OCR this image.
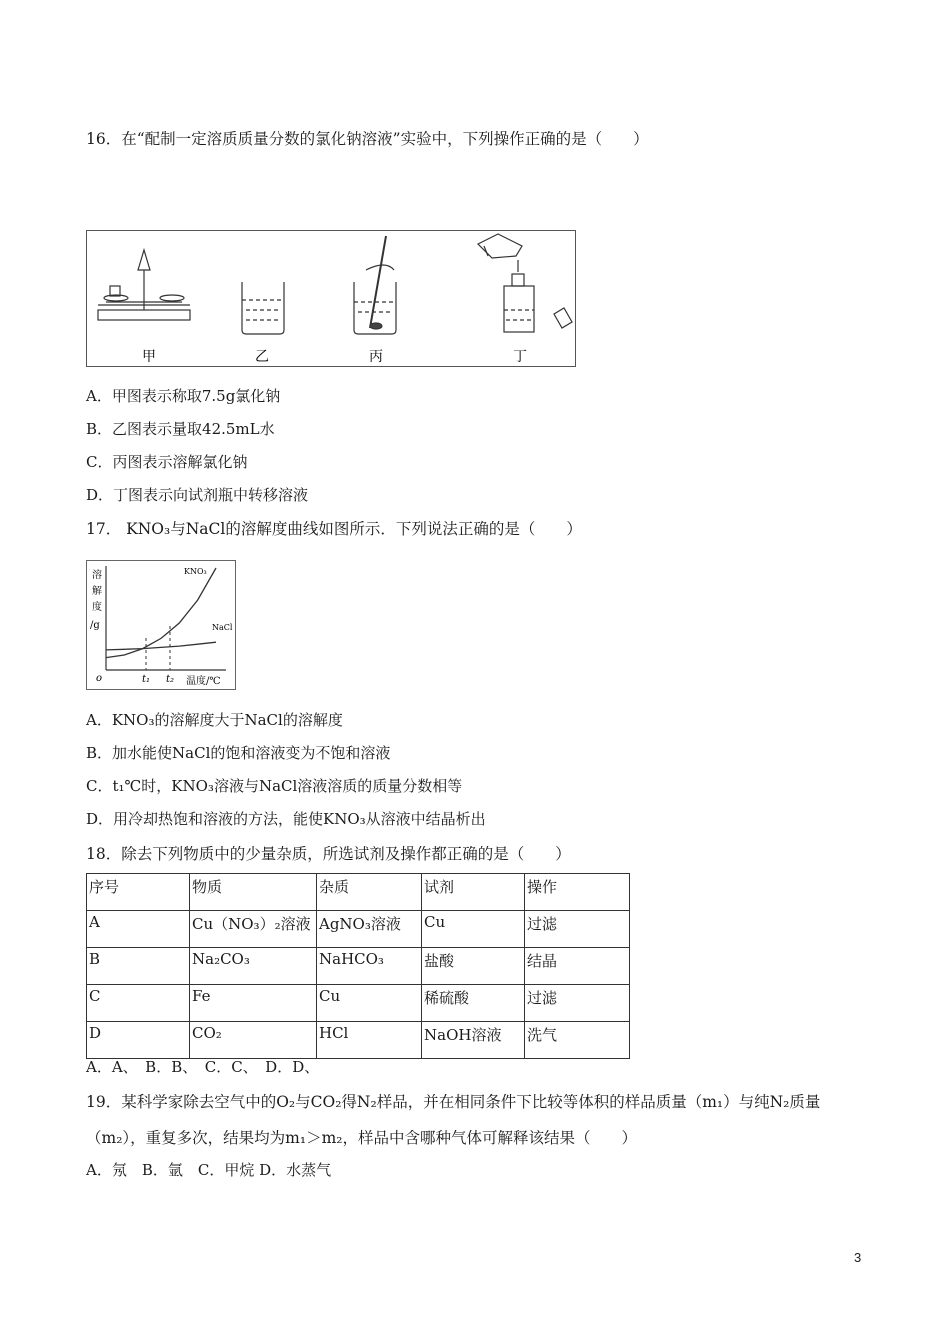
16．在“配制一定溶质质量分数的氯化钠溶液”实验中，下列操作正确的是（　　）
甲	乙	丙	丁
A．甲图表示称取7.5g氯化钠
B．乙图表示量取42.5mL水
C．丙图表示溶解氯化钠
D．丁图表示向试剂瓶中转移溶液
17． KNO₃与NaCl的溶解度曲线如图所示．下列说法正确的是（　　）
溶
解
度
/g
o	t₁ t₂ 温度/℃
KNO₃
NaCl
A．KNO₃的溶解度大于NaCl的溶解度
B．加水能使NaCl的饱和溶液变为不饱和溶液
C．t₁℃时，KNO₃溶液与NaCl溶液溶质的质量分数相等
D．用冷却热饱和溶液的方法，能使KNO₃从溶液中结晶析出
18．除去下列物质中的少量杂质，所选试剂及操作都正确的是（　　）
序号	物质	杂质	试剂	操作
A	Cu（NO₃）₂溶液	AgNO₃溶液	Cu	过滤
B	Na₂CO₃	NaHCO₃	盐酸	结晶
C	Fe	Cu	稀硫酸	过滤
D	CO₂	HCl	NaOH溶液	洗气
A．A、　B．B、　C．C、　D．D、
19．某科学家除去空气中的O₂与CO₂得N₂样品，并在相同条件下比较等体积的样品质量（m₁）与纯N₂质量
（m₂），重复多次，结果均为m₁＞m₂，样品中含哪种气体可解释该结果（　　）
A．氖　B．氩　C．甲烷 D．水蒸气
3
